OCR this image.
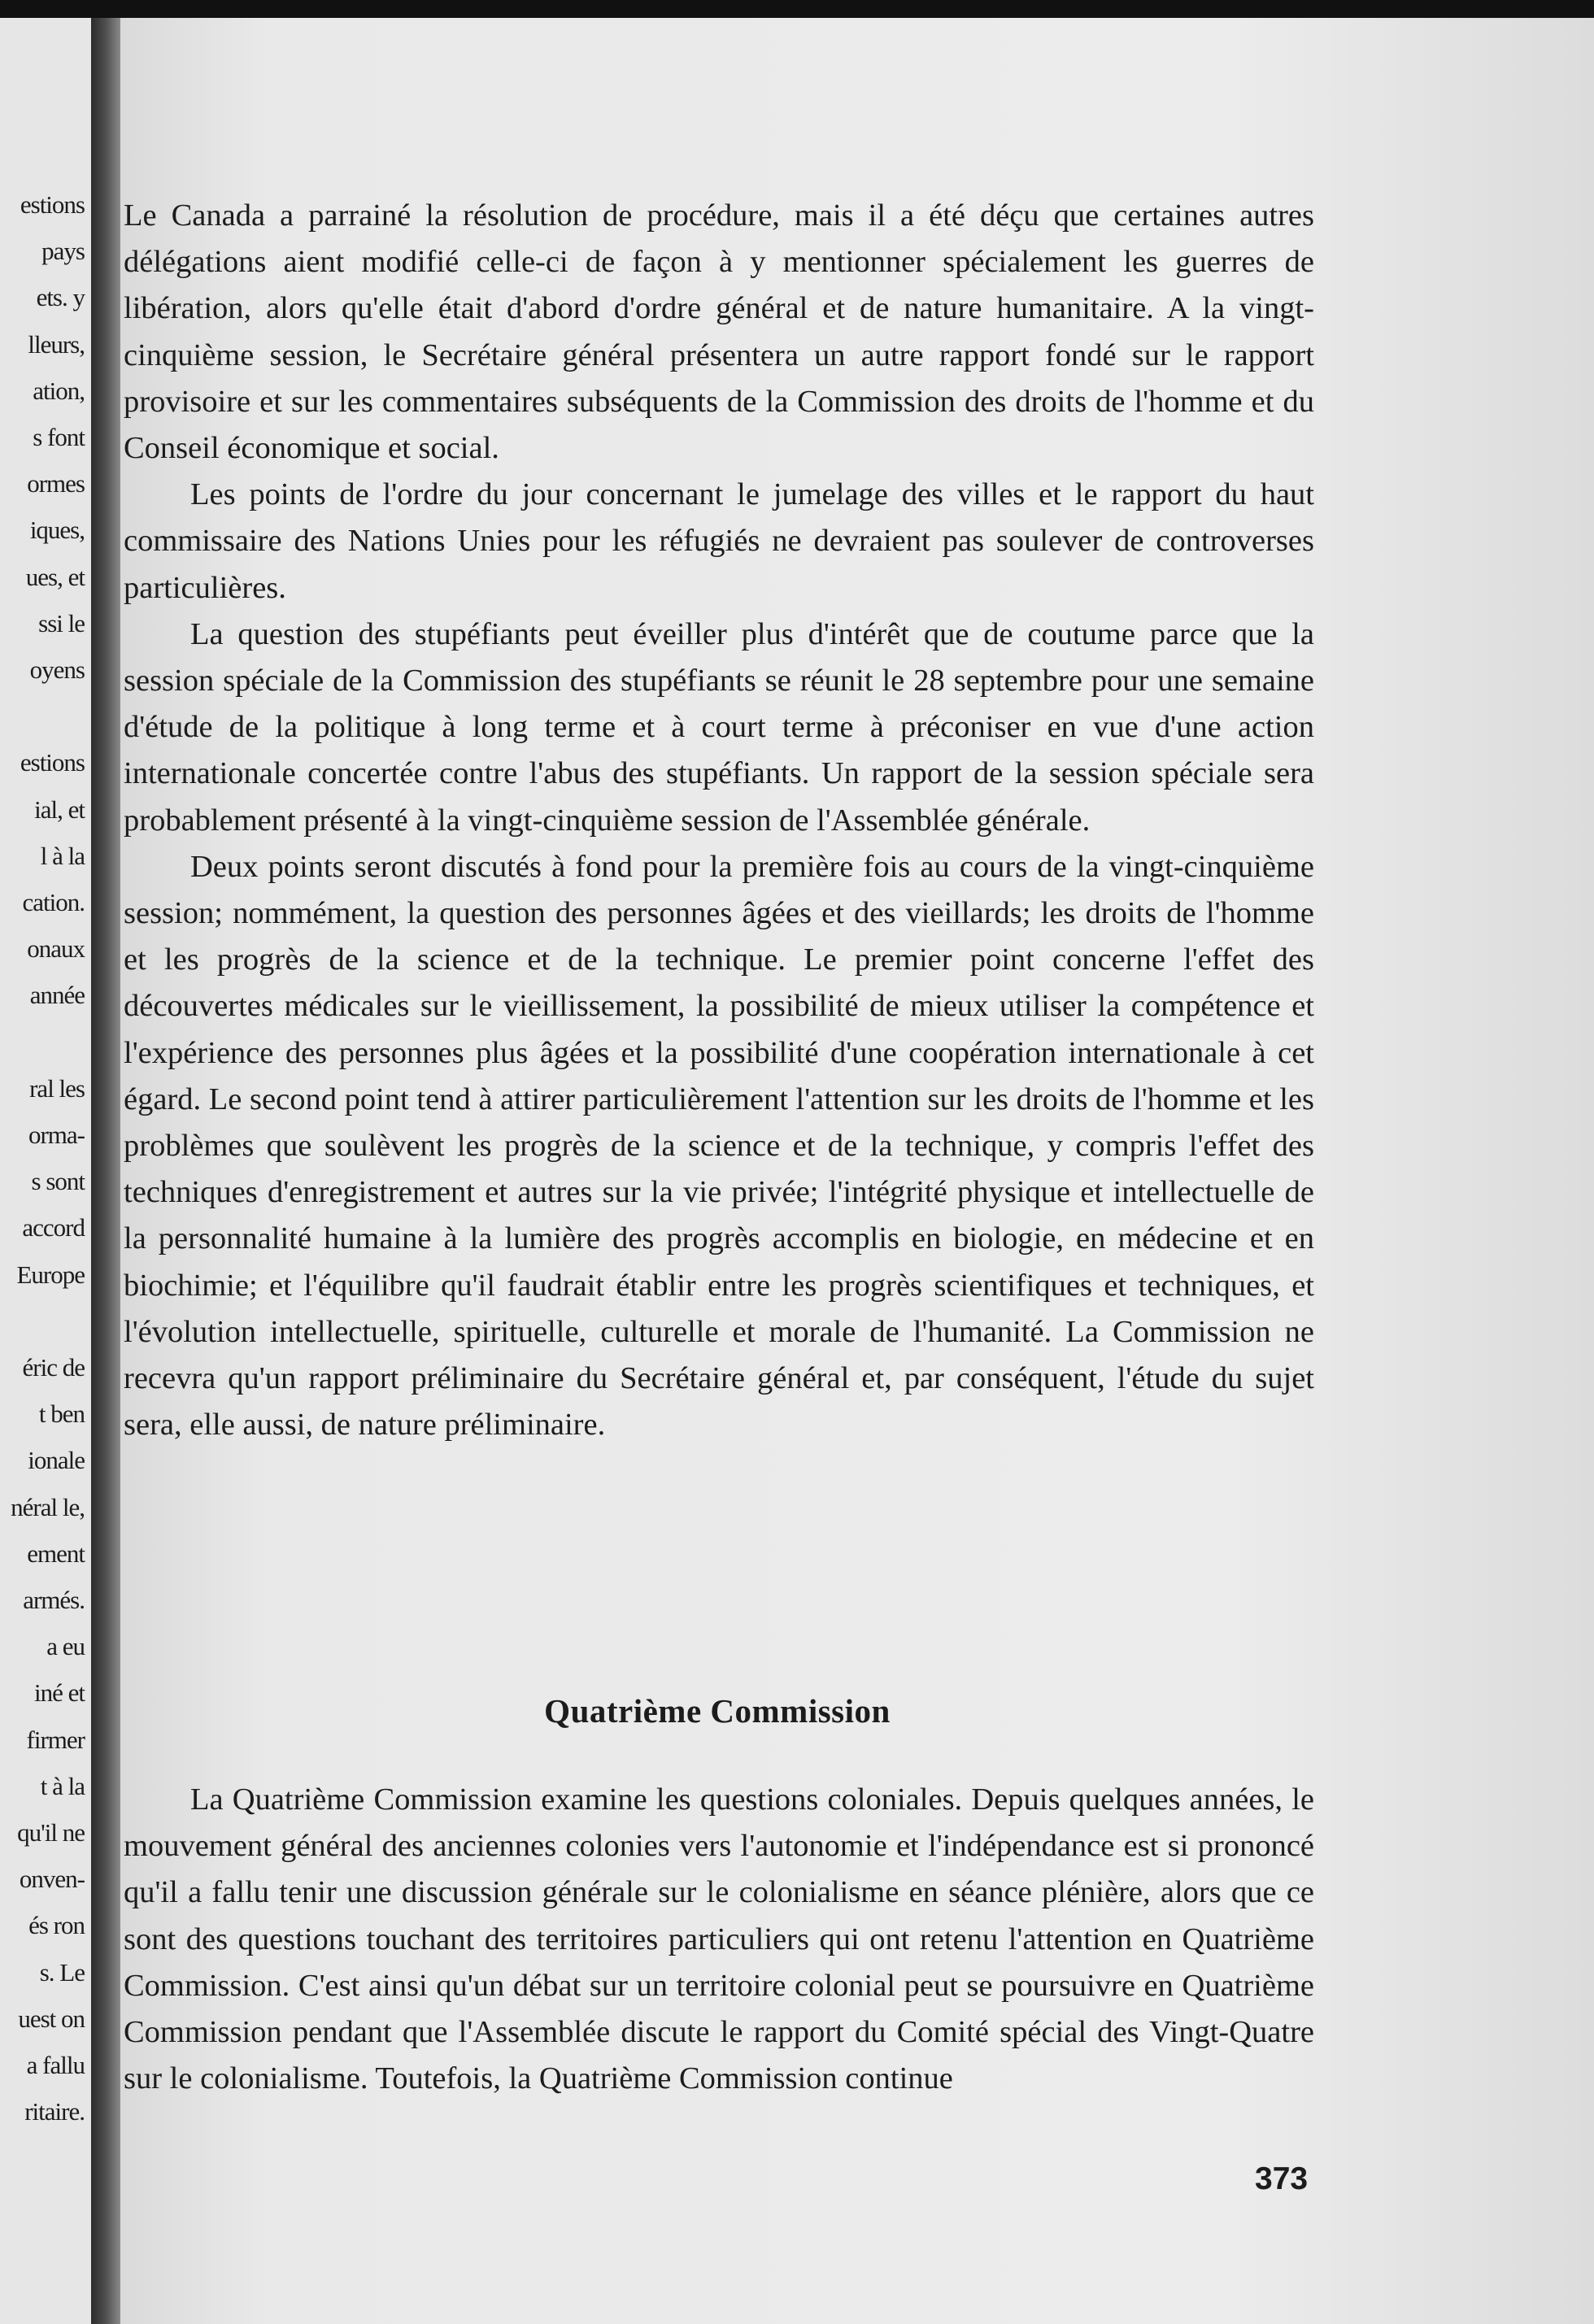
estions
pays
ets. y
lleurs,
ation,
s font
ormes
iques,
ues, et
ssi le
oyens
estions
ial, et
l à la
cation.
onaux
année
ral les
orma-
s sont
accord
Europe
éric de
t ben
ionale
néral le,
ement
armés.
a eu
iné et
firmer
t à la
qu'il ne
onven-
és ron
s. Le
uest on
a fallu
ritaire.

Le Canada a parrainé la résolution de procédure, mais il a été déçu que certaines autres délégations aient modifié celle-ci de façon à y mentionner spécialement les guerres de libération, alors qu'elle était d'abord d'ordre général et de nature humanitaire. A la vingt-cinquième session, le Secrétaire général présentera un autre rapport fondé sur le rapport provisoire et sur les commentaires subséquents de la Commission des droits de l'homme et du Conseil économique et social.

Les points de l'ordre du jour concernant le jumelage des villes et le rapport du haut commissaire des Nations Unies pour les réfugiés ne devraient pas soulever de controverses particulières.

La question des stupéfiants peut éveiller plus d'intérêt que de coutume parce que la session spéciale de la Commission des stupéfiants se réunit le 28 septembre pour une semaine d'étude de la politique à long terme et à court terme à préconiser en vue d'une action internationale concertée contre l'abus des stupéfiants. Un rapport de la session spéciale sera probablement présenté à la vingt-cinquième session de l'Assemblée générale.

Deux points seront discutés à fond pour la première fois au cours de la vingt-cinquième session; nommément, la question des personnes âgées et des vieillards; les droits de l'homme et les progrès de la science et de la technique. Le premier point concerne l'effet des découvertes médicales sur le vieillissement, la possibilité de mieux utiliser la compétence et l'expérience des personnes plus âgées et la possibilité d'une coopération internationale à cet égard. Le second point tend à attirer particulièrement l'attention sur les droits de l'homme et les problèmes que soulèvent les progrès de la science et de la technique, y compris l'effet des techniques d'enregistrement et autres sur la vie privée; l'intégrité physique et intellectuelle de la personnalité humaine à la lumière des progrès accomplis en biologie, en médecine et en biochimie; et l'équilibre qu'il faudrait établir entre les progrès scientifiques et techniques, et l'évolution intellectuelle, spirituelle, culturelle et morale de l'humanité. La Commission ne recevra qu'un rapport préliminaire du Secrétaire général et, par conséquent, l'étude du sujet sera, elle aussi, de nature préliminaire.

Quatrième Commission

La Quatrième Commission examine les questions coloniales. Depuis quelques années, le mouvement général des anciennes colonies vers l'autonomie et l'indépendance est si prononcé qu'il a fallu tenir une discussion générale sur le colonialisme en séance plénière, alors que ce sont des questions touchant des territoires particuliers qui ont retenu l'attention en Quatrième Commission. C'est ainsi qu'un débat sur un territoire colonial peut se poursuivre en Quatrième Commission pendant que l'Assemblée discute le rapport du Comité spécial des Vingt-Quatre sur le colonialisme. Toutefois, la Quatrième Commission continue

373
